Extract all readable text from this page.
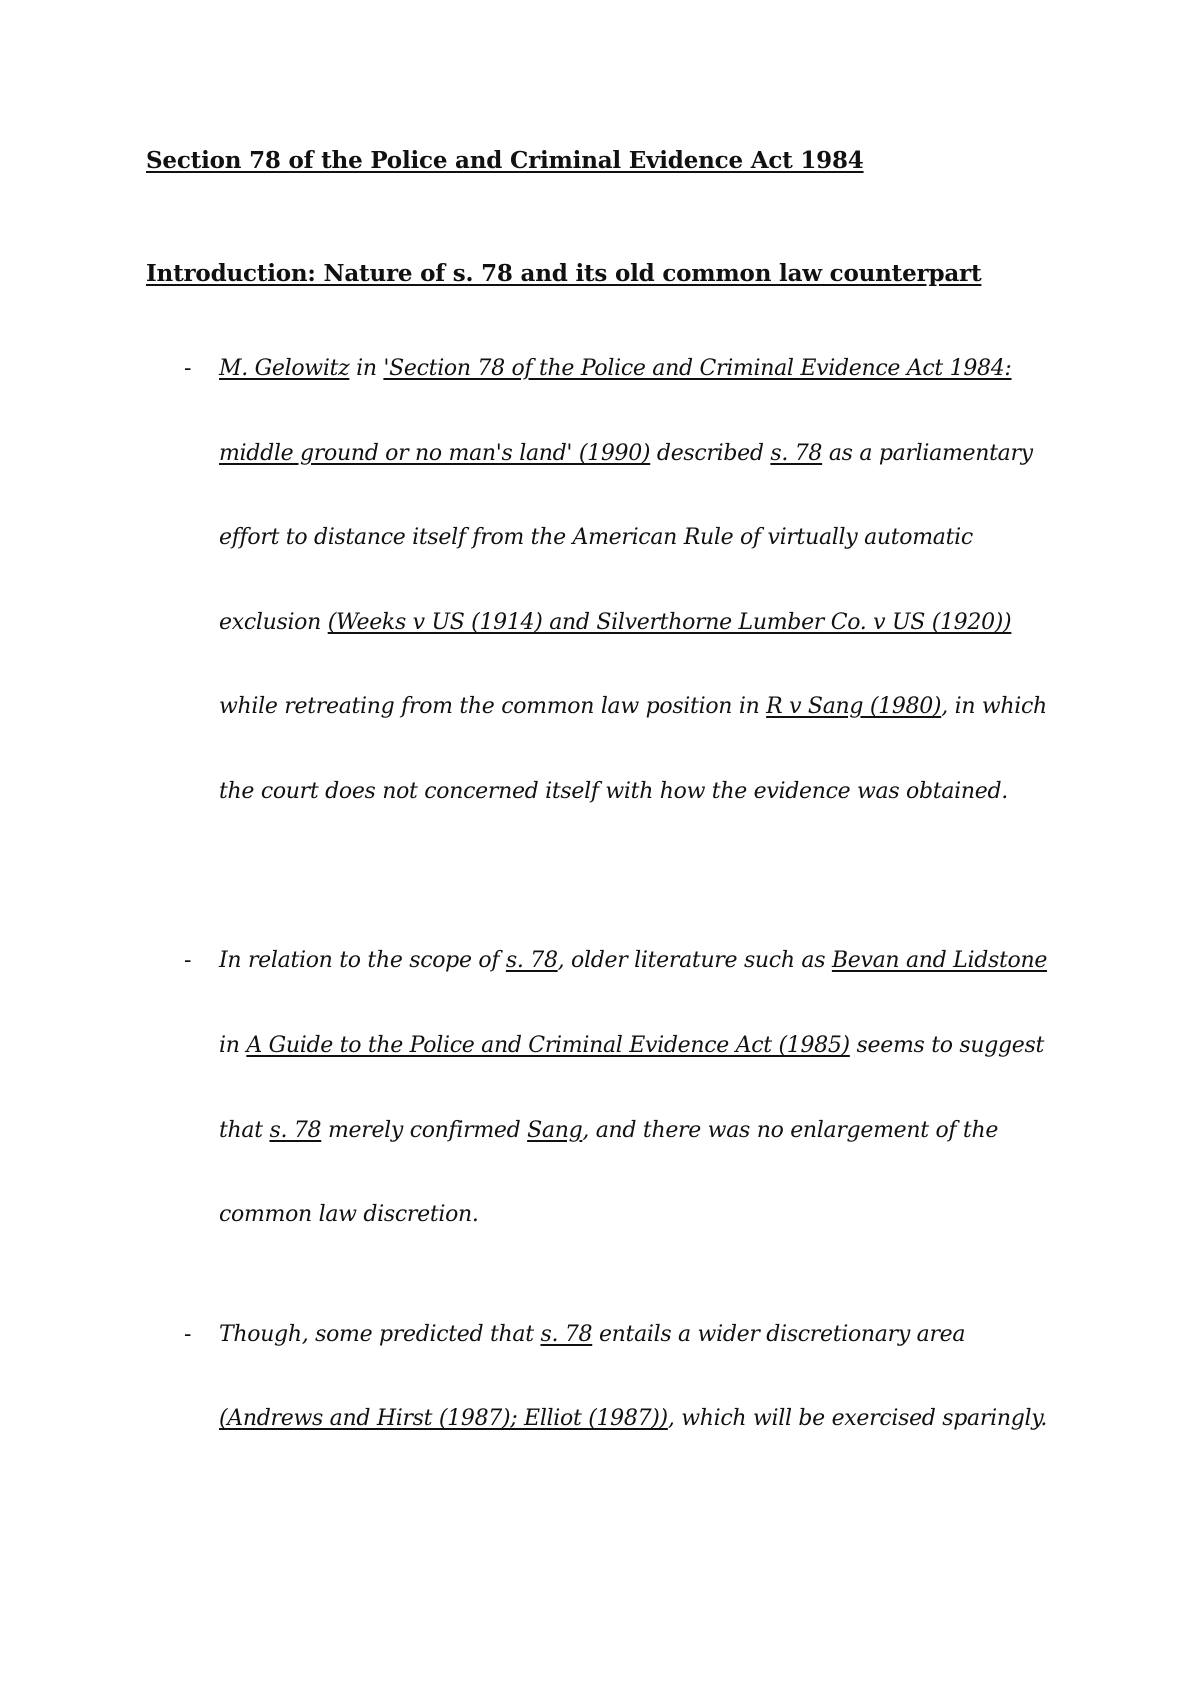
Section 78 of the Police and Criminal Evidence Act 1984
Introduction: Nature of s. 78 and its old common law counterpart
- M. Gelowitz in 'Section 78 of the Police and Criminal Evidence Act 1984:
middle ground or no man's land' (1990) described s. 78 as a parliamentary
effort to distance itself from the American Rule of virtually automatic
exclusion (Weeks v US (1914) and Silverthorne Lumber Co. v US (1920))
while retreating from the common law position in R v Sang (1980), in which
the court does not concerned itself with how the evidence was obtained.
- In relation to the scope of s. 78, older literature such as Bevan and Lidstone
in A Guide to the Police and Criminal Evidence Act (1985) seems to suggest
that s. 78 merely confirmed Sang, and there was no enlargement of the
common law discretion.
- Though, some predicted that s. 78 entails a wider discretionary area
(Andrews and Hirst (1987); Elliot (1987)), which will be exercised sparingly.
